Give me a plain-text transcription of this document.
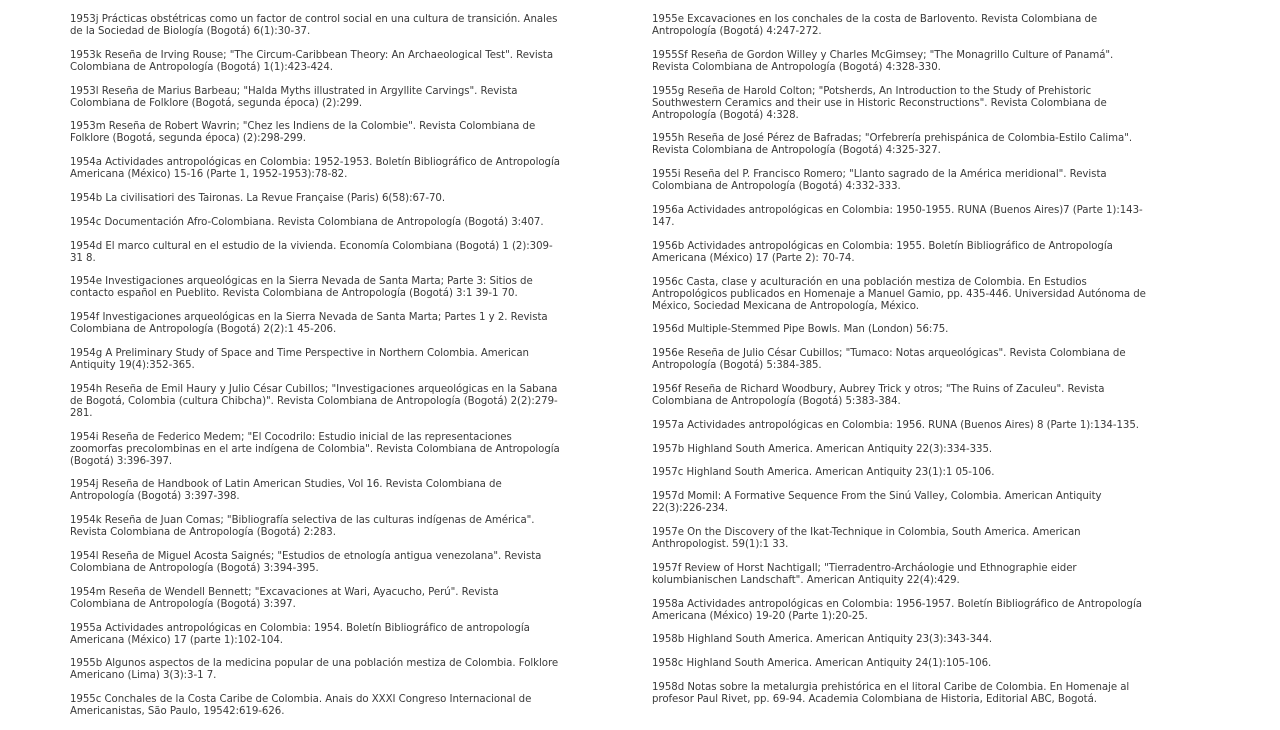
1953j Prácticas obstétricas como un factor de control social en una cultura de transición. Anales de la Sociedad de Biología (Bogotá) 6(1):30-37.

1953k Reseña de Irving Rouse; "The Circum-Caribbean Theory: An Archaeological Test". Revista Colombiana de Antropología (Bogotá) 1(1):423-424.

1953l Reseña de Marius Barbeau; "Halda Myths illustrated in Argyllite Carvings". Revista Colombiana de Folklore (Bogotá, segunda época) (2):299.

1953m Reseña de Robert Wavrin; "Chez les Indiens de la Colombie". Revista Colombiana de Folklore (Bogotá, segunda época) (2):298-299.

1954a Actividades antropológicas en Colombia: 1952-1953. Boletín Bibliográfico de Antropología Americana (México) 15-16 (Parte 1, 1952-1953):78-82.

1954b La civilisatiori des Taironas. La Revue Française (Paris) 6(58):67-70.

1954c Documentación Afro-Colombiana. Revista Colombiana de Antropología (Bogotá) 3:407.

1954d El marco cultural en el estudio de la vivienda. Economía Colombiana (Bogotá) 1 (2):309-31 8.

1954e Investigaciones arqueológicas en la Sierra Nevada de Santa Marta; Parte 3: Sitios de contacto español en Pueblito. Revista Colombiana de Antropología (Bogotá) 3:1 39-1 70.

1954f Investigaciones arqueológicas en la Sierra Nevada de Santa Marta; Partes 1 y 2. Revista Colombiana de Antropología (Bogotá) 2(2):1 45-206.

1954g A Preliminary Study of Space and Time Perspective in Northern Colombia. American Antiquity 19(4):352-365.

1954h Reseña de Emil Haury y Julio César Cubillos; "Investigaciones arqueológicas en la Sabana de Bogotá, Colombia (cultura Chibcha)". Revista Colombiana de Antropología (Bogotá) 2(2):279-281.

1954i Reseña de Federico Medem; "El Cocodrilo: Estudio inicial de las representaciones zoomorfas precolombinas en el arte indígena de Colombia". Revista Colombiana de Antropología (Bogotá) 3:396-397.

1954j Reseña de Handbook of Latin American Studies, Vol 16. Revista Colombiana de Antropología (Bogotá) 3:397-398.

1954k Reseña de Juan Comas; "Bibliografía selectiva de las culturas indígenas de América". Revista Colombiana de Antropología (Bogotá) 2:283.

1954l Reseña de Miguel Acosta Saignés; "Estudios de etnología antigua venezolana". Revista Colombiana de Antropología (Bogotá) 3:394-395.

1954m Reseña de Wendell Bennett; "Excavaciones at Wari, Ayacucho, Perú". Revista Colombiana de Antropología (Bogotá) 3:397.

1955a Actividades antropológicas en Colombia: 1954. Boletín Bibliográfico de antropología Americana (México) 17 (parte 1):102-104.

1955b Algunos aspectos de la medicina popular de una población mestiza de Colombia. Folklore Americano (Lima) 3(3):3-1 7.

1955c Conchales de la Costa Caribe de Colombia. Anais do XXXI Congreso Internacional de Americanistas, São Paulo, 19542:619-626.

1955e Excavaciones en los conchales de la costa de Barlovento. Revista Colombiana de Antropología (Bogotá) 4:247-272.

1955Sf Reseña de Gordon Willey y Charles McGimsey; "The Monagrillo Culture of Panamá". Revista Colombiana de Antropología (Bogotá) 4:328-330.

1955g Reseña de Harold Colton; "Potsherds, An Introduction to the Study of Prehistoric Southwestern Ceramics and their use in Historic Reconstructions". Revista Colombiana de Antropología (Bogotá) 4:328.

1955h Reseña de José Pérez de Bafradas; "Orfebrería prehispánica de Colombia-Estilo Calima". Revista Colombiana de Antropología (Bogotá) 4:325-327.

1955i Reseña del P. Francisco Romero; "Llanto sagrado de la América meridional". Revista Colombiana de Antropología (Bogotá) 4:332-333.

1956a Actividades antropológicas en Colombia: 1950-1955. RUNA (Buenos Aires)7 (Parte 1):143-147.

1956b Actividades antropológicas en Colombia: 1955. Boletín Bibliográfico de Antropología Americana (México) 17 (Parte 2): 70-74.

1956c Casta, clase y aculturación en una población mestiza de Colombia. En Estudios Antropológicos publicados en Homenaje a Manuel Gamio, pp. 435-446. Universidad Autónoma de México, Sociedad Mexicana de Antropología, México.

1956d Multiple-Stemmed Pipe Bowls. Man (London) 56:75.

1956e Reseña de Julio César Cubillos; "Tumaco: Notas arqueológicas". Revista Colombiana de Antropología (Bogotá) 5:384-385.

1956f Reseña de Richard Woodbury, Aubrey Trick y otros; "The Ruins of Zaculeu". Revista Colombiana de Antropología (Bogotá) 5:383-384.

1957a Actividades antropológicas en Colombia: 1956. RUNA (Buenos Aires) 8 (Parte 1):134-135.

1957b Highland South America. American Antiquity 22(3):334-335.

1957c Highland South America. American Antiquity 23(1):1 05-106.

1957d Momil: A Formative Sequence From the Sinú Valley, Colombia. American Antiquity 22(3):226-234.

1957e On the Discovery of the Ikat-Technique in Colombia, South America. American Anthropologist. 59(1):1 33.

1957f Review of Horst Nachtigall; "Tierradentro-Archáologie und Ethnographie eider kolumbianischen Landschaft". American Antiquity 22(4):429.

1958a Actividades antropológicas en Colombia: 1956-1957. Boletín Bibliográfico de Antropología Americana (México) 19-20 (Parte 1):20-25.

1958b Highland South America. American Antiquity 23(3):343-344.

1958c Highland South America. American Antiquity 24(1):105-106.

1958d Notas sobre la metalurgia prehistórica en el litoral Caribe de Colombia. En Homenaje al profesor Paul Rivet, pp. 69-94. Academia Colombiana de Historia, Editorial ABC, Bogotá.
